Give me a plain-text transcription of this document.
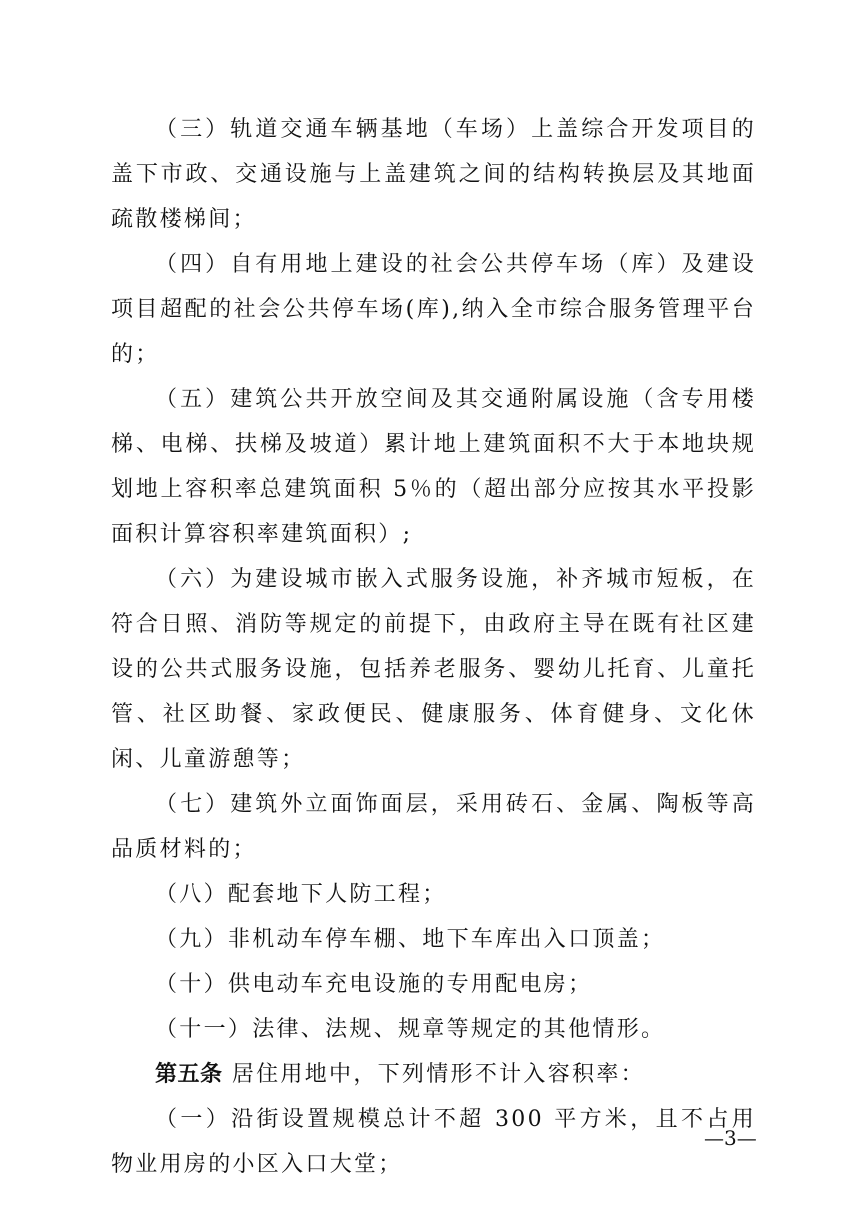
（三）轨道交通车辆基地（车场）上盖综合开发项目的盖下市政、交通设施与上盖建筑之间的结构转换层及其地面疏散楼梯间；

（四）自有用地上建设的社会公共停车场（库）及建设项目超配的社会公共停车场(库),纳入全市综合服务管理平台的；

（五）建筑公共开放空间及其交通附属设施（含专用楼梯、电梯、扶梯及坡道）累计地上建筑面积不大于本地块规划地上容积率总建筑面积 5％的（超出部分应按其水平投影面积计算容积率建筑面积）;

（六）为建设城市嵌入式服务设施，补齐城市短板，在符合日照、消防等规定的前提下，由政府主导在既有社区建设的公共式服务设施，包括养老服务、婴幼儿托育、儿童托管、社区助餐、家政便民、健康服务、体育健身、文化休闲、儿童游憩等；

（七）建筑外立面饰面层，采用砖石、金属、陶板等高品质材料的；

（八）配套地下人防工程；

（九）非机动车停车棚、地下车库出入口顶盖；

（十）供电动车充电设施的专用配电房；

（十一）法律、法规、规章等规定的其他情形。

第五条 居住用地中，下列情形不计入容积率：

（一）沿街设置规模总计不超 300 平方米，且不占用物业用房的小区入口大堂；

—3—
